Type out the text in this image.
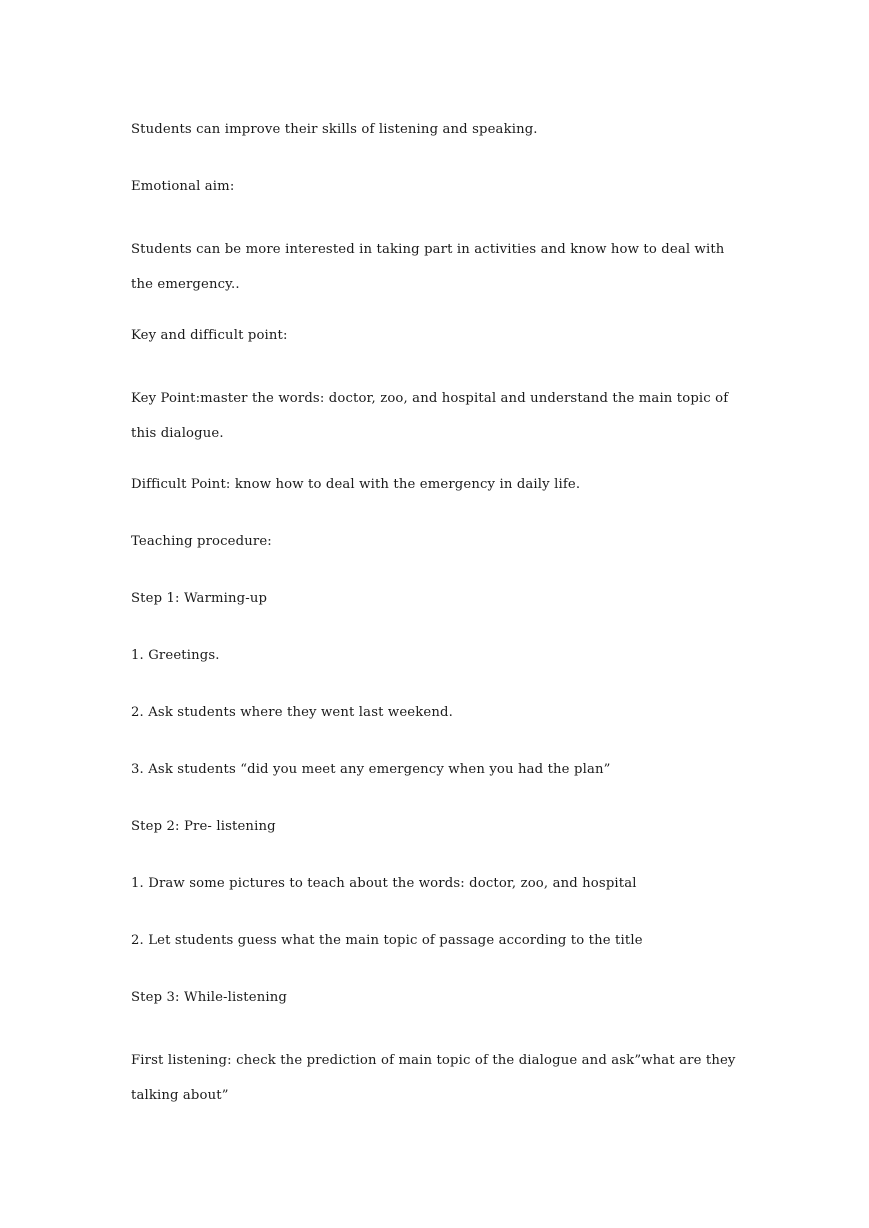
Students can improve their skills of listening and speaking.

Emotional aim:

Students can be more interested in taking part in activities and know how to deal with the emergency..

Key and difficult point:

Key Point:master the words: doctor, zoo, and hospital and understand the main topic of this dialogue.

Difficult Point: know how to deal with the emergency in daily life.

Teaching procedure:

Step 1: Warming-up

1. Greetings.

2. Ask students where they went last weekend.

3. Ask students “did you meet any emergency when you had the plan”

Step 2: Pre- listening

1. Draw some pictures to teach about the words: doctor, zoo, and hospital

2. Let students guess what the main topic of passage according to the title

Step 3: While-listening

First listening: check the prediction of main topic of the dialogue and ask”what are they talking about”
